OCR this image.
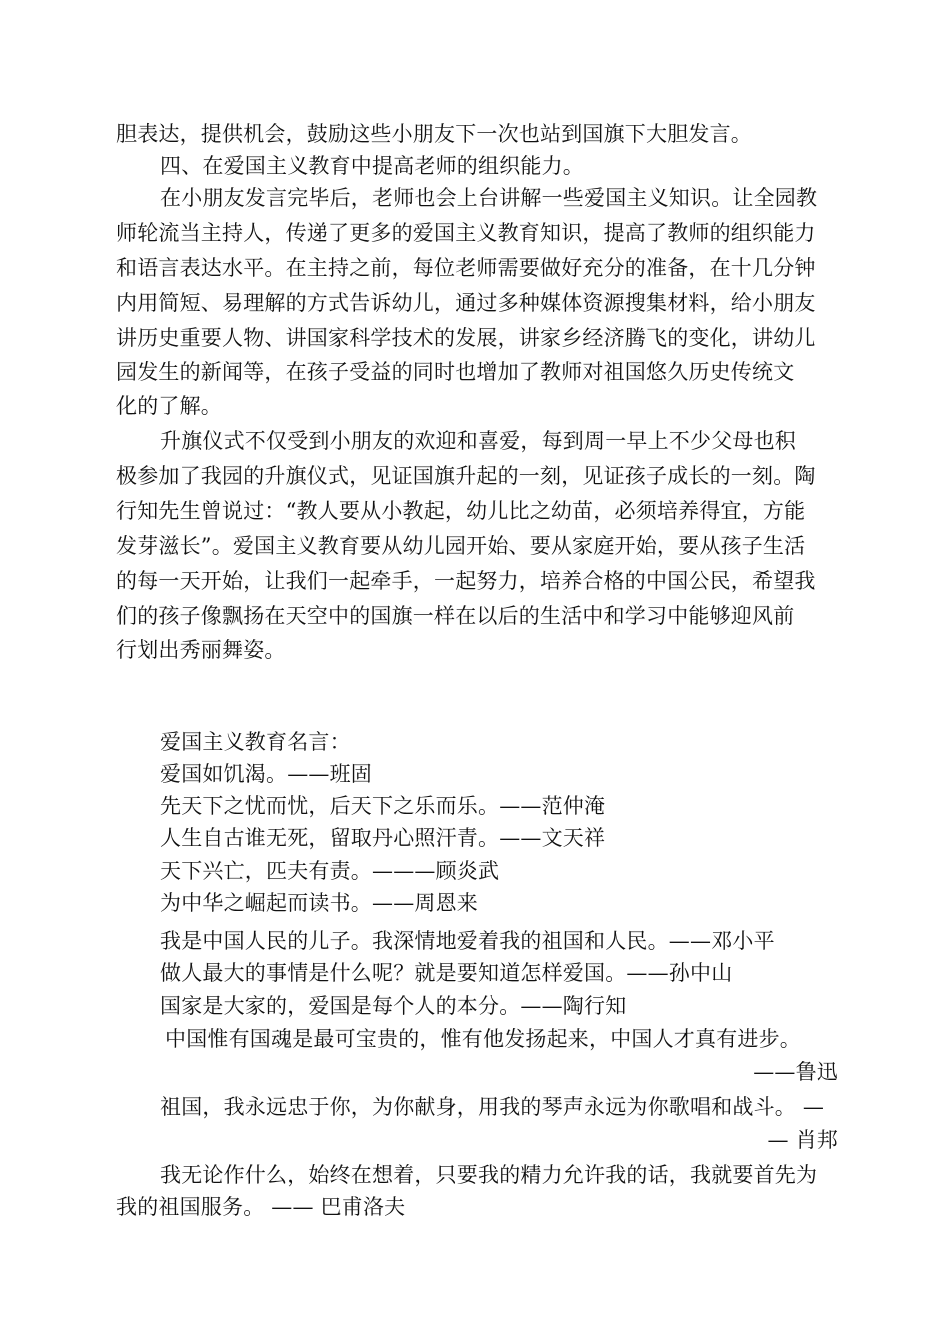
胆表达，提供机会，鼓励这些小朋友下一次也站到国旗下大胆发言。
四、在爱国主义教育中提高老师的组织能力。
在小朋友发言完毕后，老师也会上台讲解一些爱国主义知识。让全园教
师轮流当主持人，传递了更多的爱国主义教育知识，提高了教师的组织能力
和语言表达水平。在主持之前，每位老师需要做好充分的准备，在十几分钟
内用简短、易理解的方式告诉幼儿，通过多种媒体资源搜集材料，给小朋友
讲历史重要人物、讲国家科学技术的发展，讲家乡经济腾飞的变化，讲幼儿
园发生的新闻等，在孩子受益的同时也增加了教师对祖国悠久历史传统文
化的了解。
升旗仪式不仅受到小朋友的欢迎和喜爱，每到周一早上不少父母也积
极参加了我园的升旗仪式，见证国旗升起的一刻，见证孩子成长的一刻。陶
行知先生曾说过：“教人要从小教起，幼儿比之幼苗，必须培养得宜，方能
发芽滋长”。爱国主义教育要从幼儿园开始、要从家庭开始，要从孩子生活
的每一天开始，让我们一起牵手，一起努力，培养合格的中国公民，希望我
们的孩子像飘扬在天空中的国旗一样在以后的生活中和学习中能够迎风前
行划出秀丽舞姿。
爱国主义教育名言：
爱国如饥渴。——班固
先天下之忧而忧，后天下之乐而乐。——范仲淹
人生自古谁无死，留取丹心照汗青。——文天祥
天下兴亡，匹夫有责。———顾炎武
为中华之崛起而读书。——周恩来
我是中国人民的儿子。我深情地爱着我的祖国和人民。——邓小平
做人最大的事情是什么呢？就是要知道怎样爱国。——孙中山
国家是大家的，爱国是每个人的本分。——陶行知
中国惟有国魂是最可宝贵的，惟有他发扬起来，中国人才真有进步。
——鲁迅
祖国，我永远忠于你，为你献身，用我的琴声永远为你歌唱和战斗。 —
— 肖邦
我无论作什么，始终在想着，只要我的精力允许我的话，我就要首先为
我的祖国服务。 —— 巴甫洛夫
